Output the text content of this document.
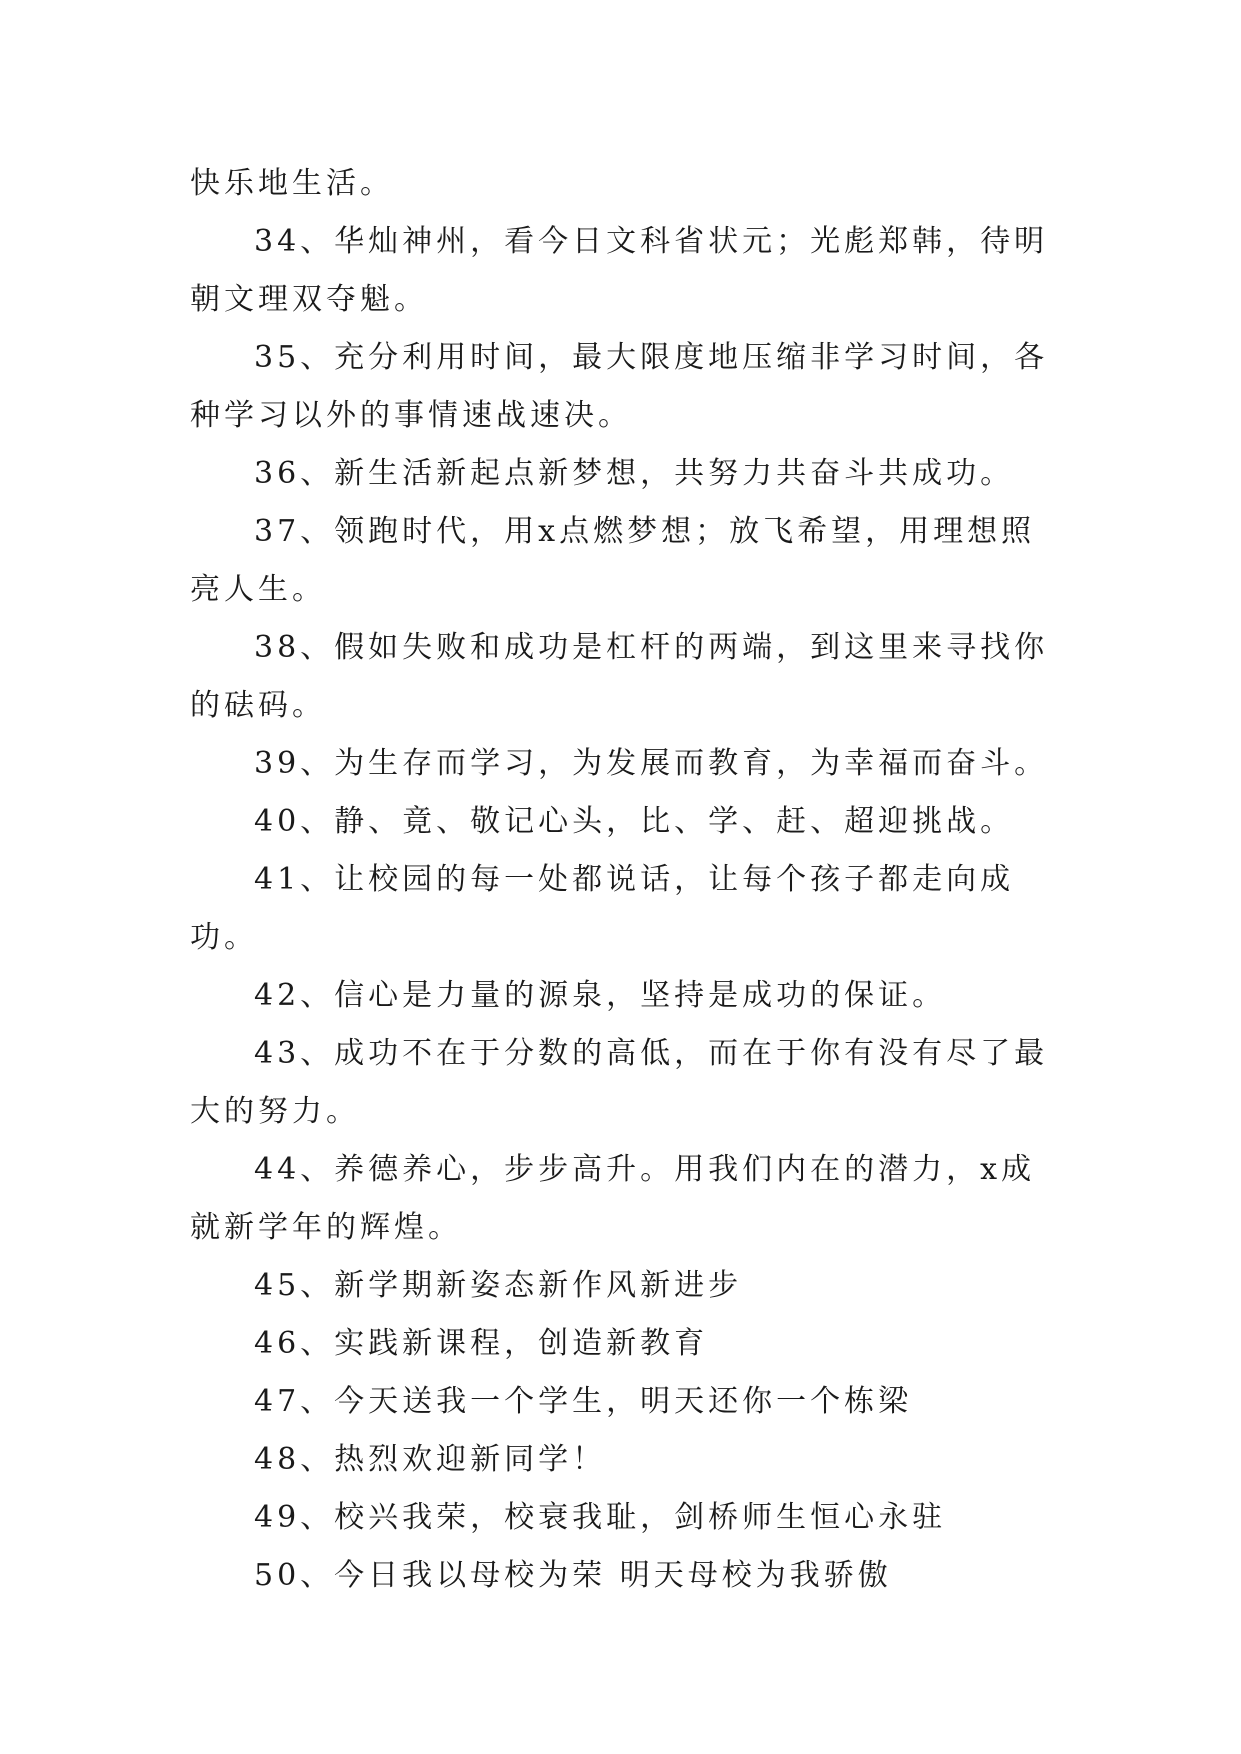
快乐地生活。

34、华灿神州，看今日文科省状元；光彪郑韩，待明朝文理双夺魁。

35、充分利用时间，最大限度地压缩非学习时间，各种学习以外的事情速战速决。

36、新生活新起点新梦想，共努力共奋斗共成功。

37、领跑时代，用x点燃梦想；放飞希望，用理想照亮人生。

38、假如失败和成功是杠杆的两端，到这里来寻找你的砝码。

39、为生存而学习，为发展而教育，为幸福而奋斗。

40、静、竟、敬记心头，比、学、赶、超迎挑战。

41、让校园的每一处都说话，让每个孩子都走向成功。

42、信心是力量的源泉，坚持是成功的保证。

43、成功不在于分数的高低，而在于你有没有尽了最大的努力。

44、养德养心，步步高升。用我们内在的潜力，x成就新学年的辉煌。

45、新学期新姿态新作风新进步

46、实践新课程，创造新教育

47、今天送我一个学生，明天还你一个栋梁

48、热烈欢迎新同学！

49、校兴我荣，校衰我耻，剑桥师生恒心永驻

50、今日我以母校为荣 明天母校为我骄傲
